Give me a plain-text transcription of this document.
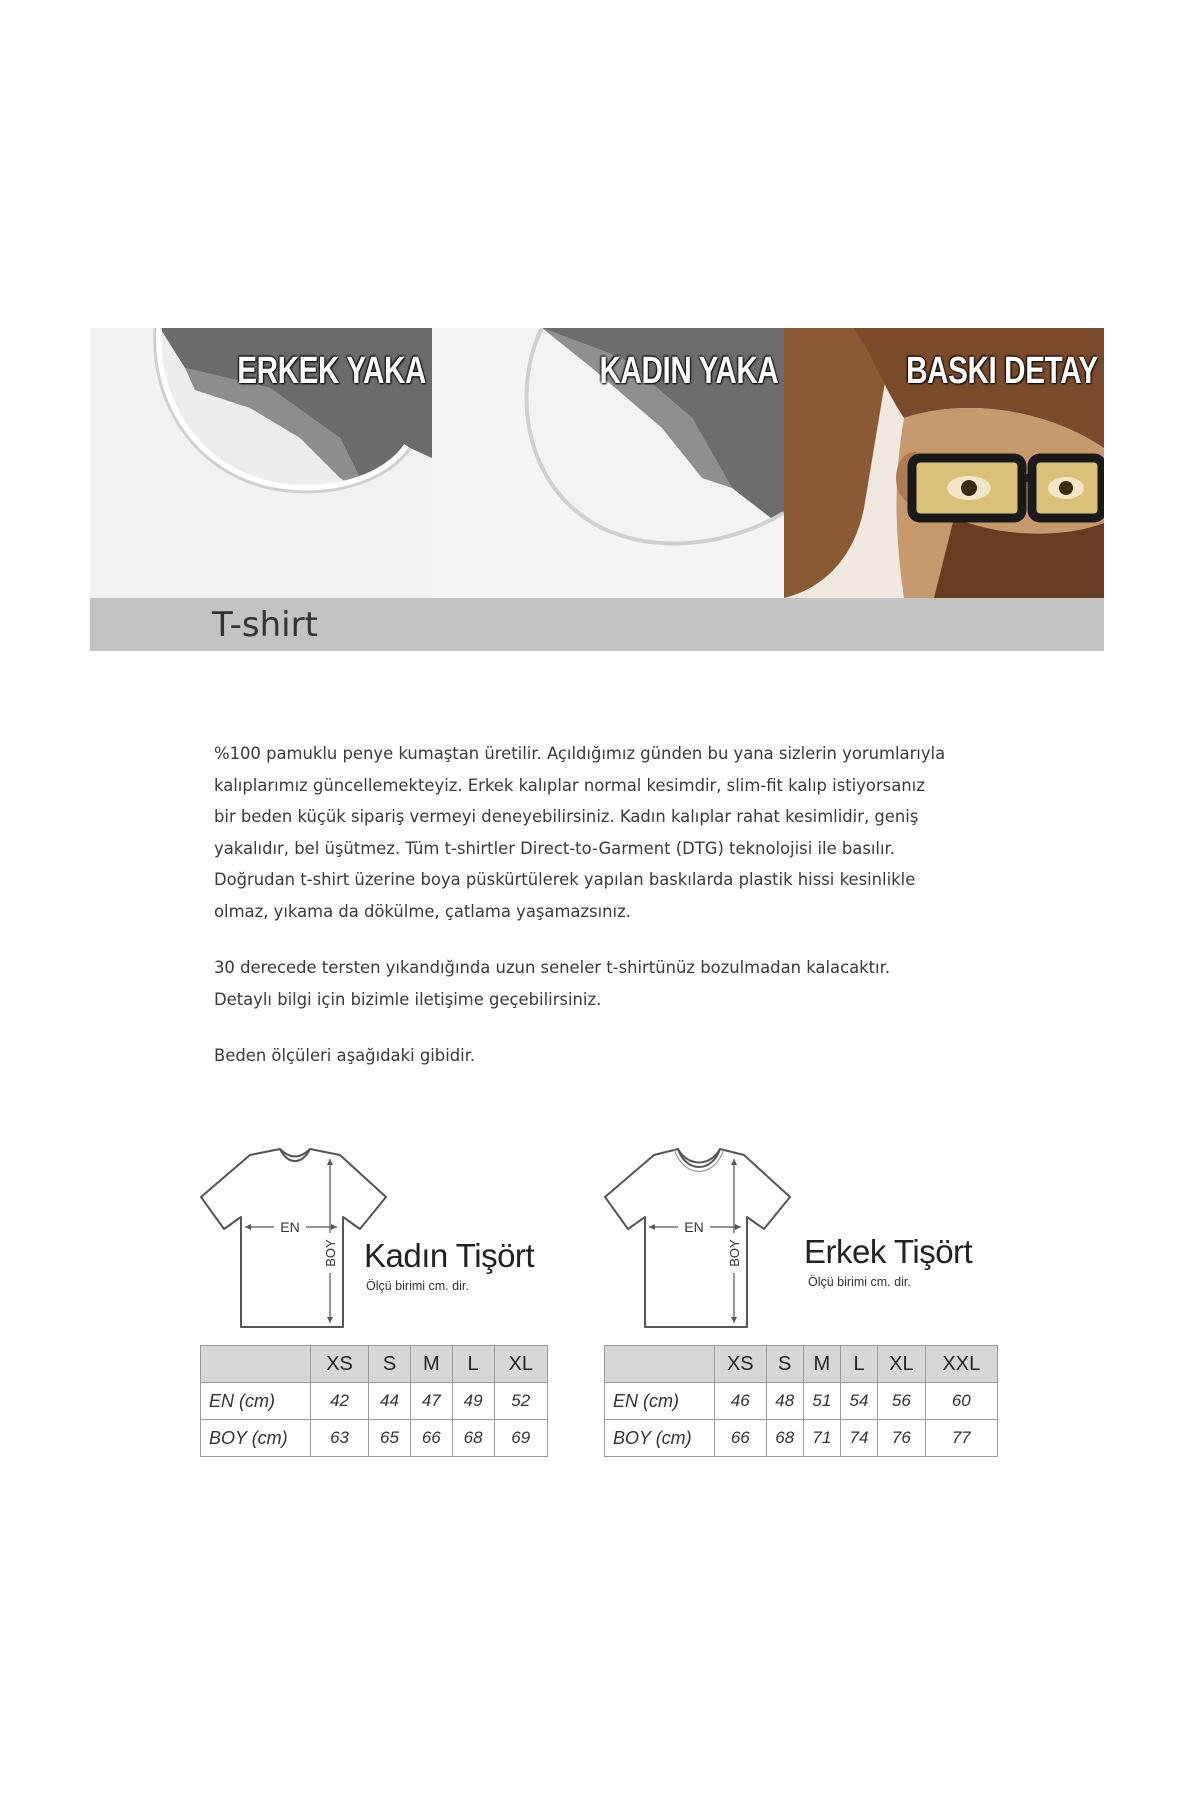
ERKEK YAKA	KADIN YAKA	BASKI DETAY
T-shirt

%100 pamuklu penye kumaştan üretilir. Açıldığımız günden bu yana sizlerin yorumlarıyla
kalıplarımız güncellemekteyiz. Erkek kalıplar normal kesimdir, slim-fit kalıp istiyorsanız
bir beden küçük sipariş vermeyi deneyebilirsiniz. Kadın kalıplar rahat kesimlidir, geniş
yakalıdır, bel üşütmez. Tüm t-shirtler Direct-to-Garment (DTG) teknolojisi ile basılır.
Doğrudan t-shirt üzerine boya püskürtülerek yapılan baskılarda plastik hissi kesinlikle
olmaz, yıkama da dökülme, çatlama yaşamazsınız.

30 derecede tersten yıkandığında uzun seneler t-shirtünüz bozulmadan kalacaktır.
Detaylı bilgi için bizimle iletişime geçebilirsiniz.

Beden ölçüleri aşağıdaki gibidir.

EN
BOY Kadın Tişört
Ölçü birimi cm. dir.
	XS	S	M	L	XL
EN (cm)	42	44	47	49	52
BOY (cm)	63	65	66	68	69
EN
BOY Erkek Tişört
Ölçü birimi cm. dir.
	XS	S	M	L	XL	XXL
EN (cm)	46	48	51	54	56	60
BOY (cm)	66	68	71	74	76	77
